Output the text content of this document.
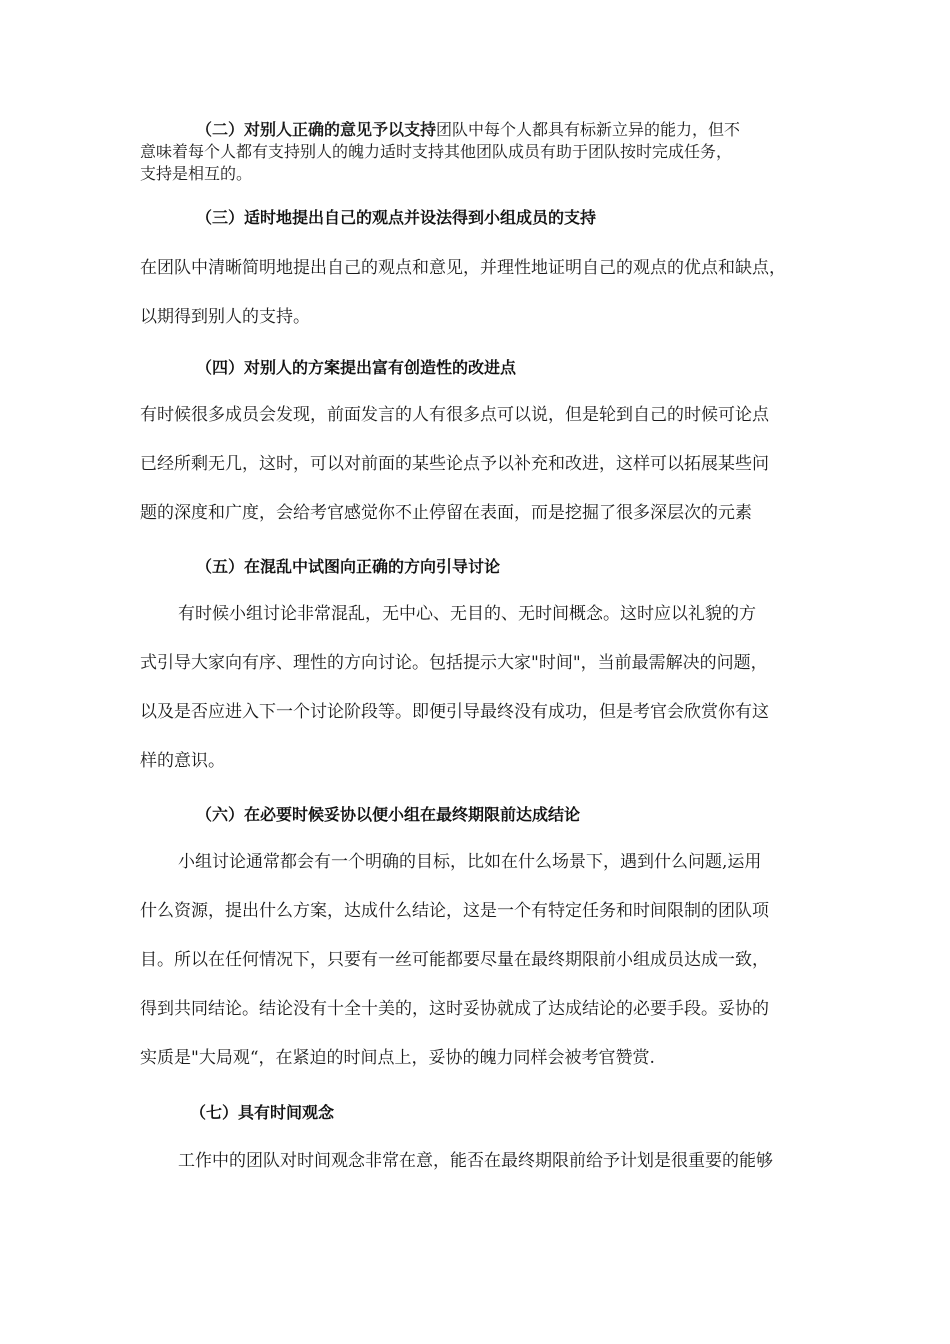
（二）对别人正确的意见予以支持团队中每个人都具有标新立异的能力，但不
意味着每个人都有支持别人的魄力适时支持其他团队成员有助于团队按时完成任务，
支持是相互的。

（三）适时地提出自己的观点并设法得到小组成员的支持

在团队中清晰简明地提出自己的观点和意见，并理性地证明自己的观点的优点和缺点，
以期得到别人的支持。

（四）对别人的方案提出富有创造性的改进点

有时候很多成员会发现，前面发言的人有很多点可以说，但是轮到自己的时候可论点
已经所剩无几，这时，可以对前面的某些论点予以补充和改进，这样可以拓展某些问
题的深度和广度，会给考官感觉你不止停留在表面，而是挖掘了很多深层次的元素

（五）在混乱中试图向正确的方向引导讨论

有时候小组讨论非常混乱，无中心、无目的、无时间概念。这时应以礼貌的方
式引导大家向有序、理性的方向讨论。包括提示大家"时间"，当前最需解决的问题，
以及是否应进入下一个讨论阶段等。即便引导最终没有成功，但是考官会欣赏你有这
样的意识。

（六）在必要时候妥协以便小组在最终期限前达成结论

小组讨论通常都会有一个明确的目标，比如在什么场景下，遇到什么问题,运用
什么资源，提出什么方案，达成什么结论，这是一个有特定任务和时间限制的团队项
目。所以在任何情况下，只要有一丝可能都要尽量在最终期限前小组成员达成一致，
得到共同结论。结论没有十全十美的，这时妥协就成了达成结论的必要手段。妥协的
实质是"大局观“，在紧迫的时间点上，妥协的魄力同样会被考官赞赏.

（七）具有时间观念

工作中的团队对时间观念非常在意，能否在最终期限前给予计划是很重要的能够
